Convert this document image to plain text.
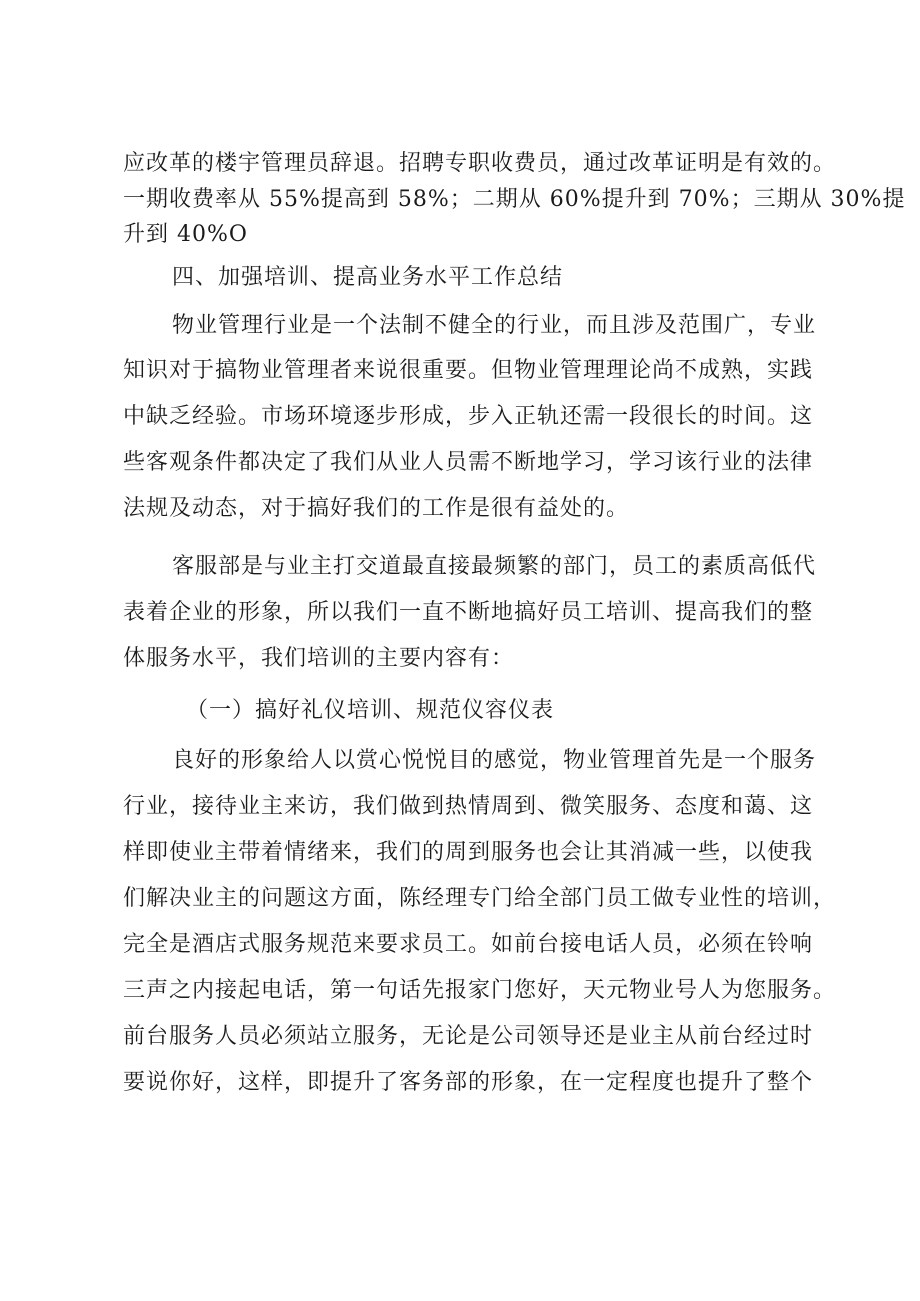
应改革的楼宇管理员辞退。招聘专职收费员，通过改革证明是有效的。
一期收费率从 55%提高到 58%；二期从 60%提升到 70%；三期从 30%提
升到 40%O
四、加强培训、提高业务水平工作总结
物业管理行业是一个法制不健全的行业，而且涉及范围广，专业
知识对于搞物业管理者来说很重要。但物业管理理论尚不成熟，实践
中缺乏经验。市场环境逐步形成，步入正轨还需一段很长的时间。这
些客观条件都决定了我们从业人员需不断地学习，学习该行业的法律
法规及动态，对于搞好我们的工作是很有益处的。
客服部是与业主打交道最直接最频繁的部门，员工的素质高低代
表着企业的形象，所以我们一直不断地搞好员工培训、提高我们的整
体服务水平，我们培训的主要内容有：
（一）搞好礼仪培训、规范仪容仪表
良好的形象给人以赏心悦悦目的感觉，物业管理首先是一个服务
行业，接待业主来访，我们做到热情周到、微笑服务、态度和蔼、这
样即使业主带着情绪来，我们的周到服务也会让其消减一些，以使我
们解决业主的问题这方面，陈经理专门给全部门员工做专业性的培训，
完全是酒店式服务规范来要求员工。如前台接电话人员，必须在铃响
三声之内接起电话，第一句话先报家门您好，天元物业号人为您服务。
前台服务人员必须站立服务，无论是公司领导还是业主从前台经过时
要说你好，这样，即提升了客务部的形象，在一定程度也提升了整个
